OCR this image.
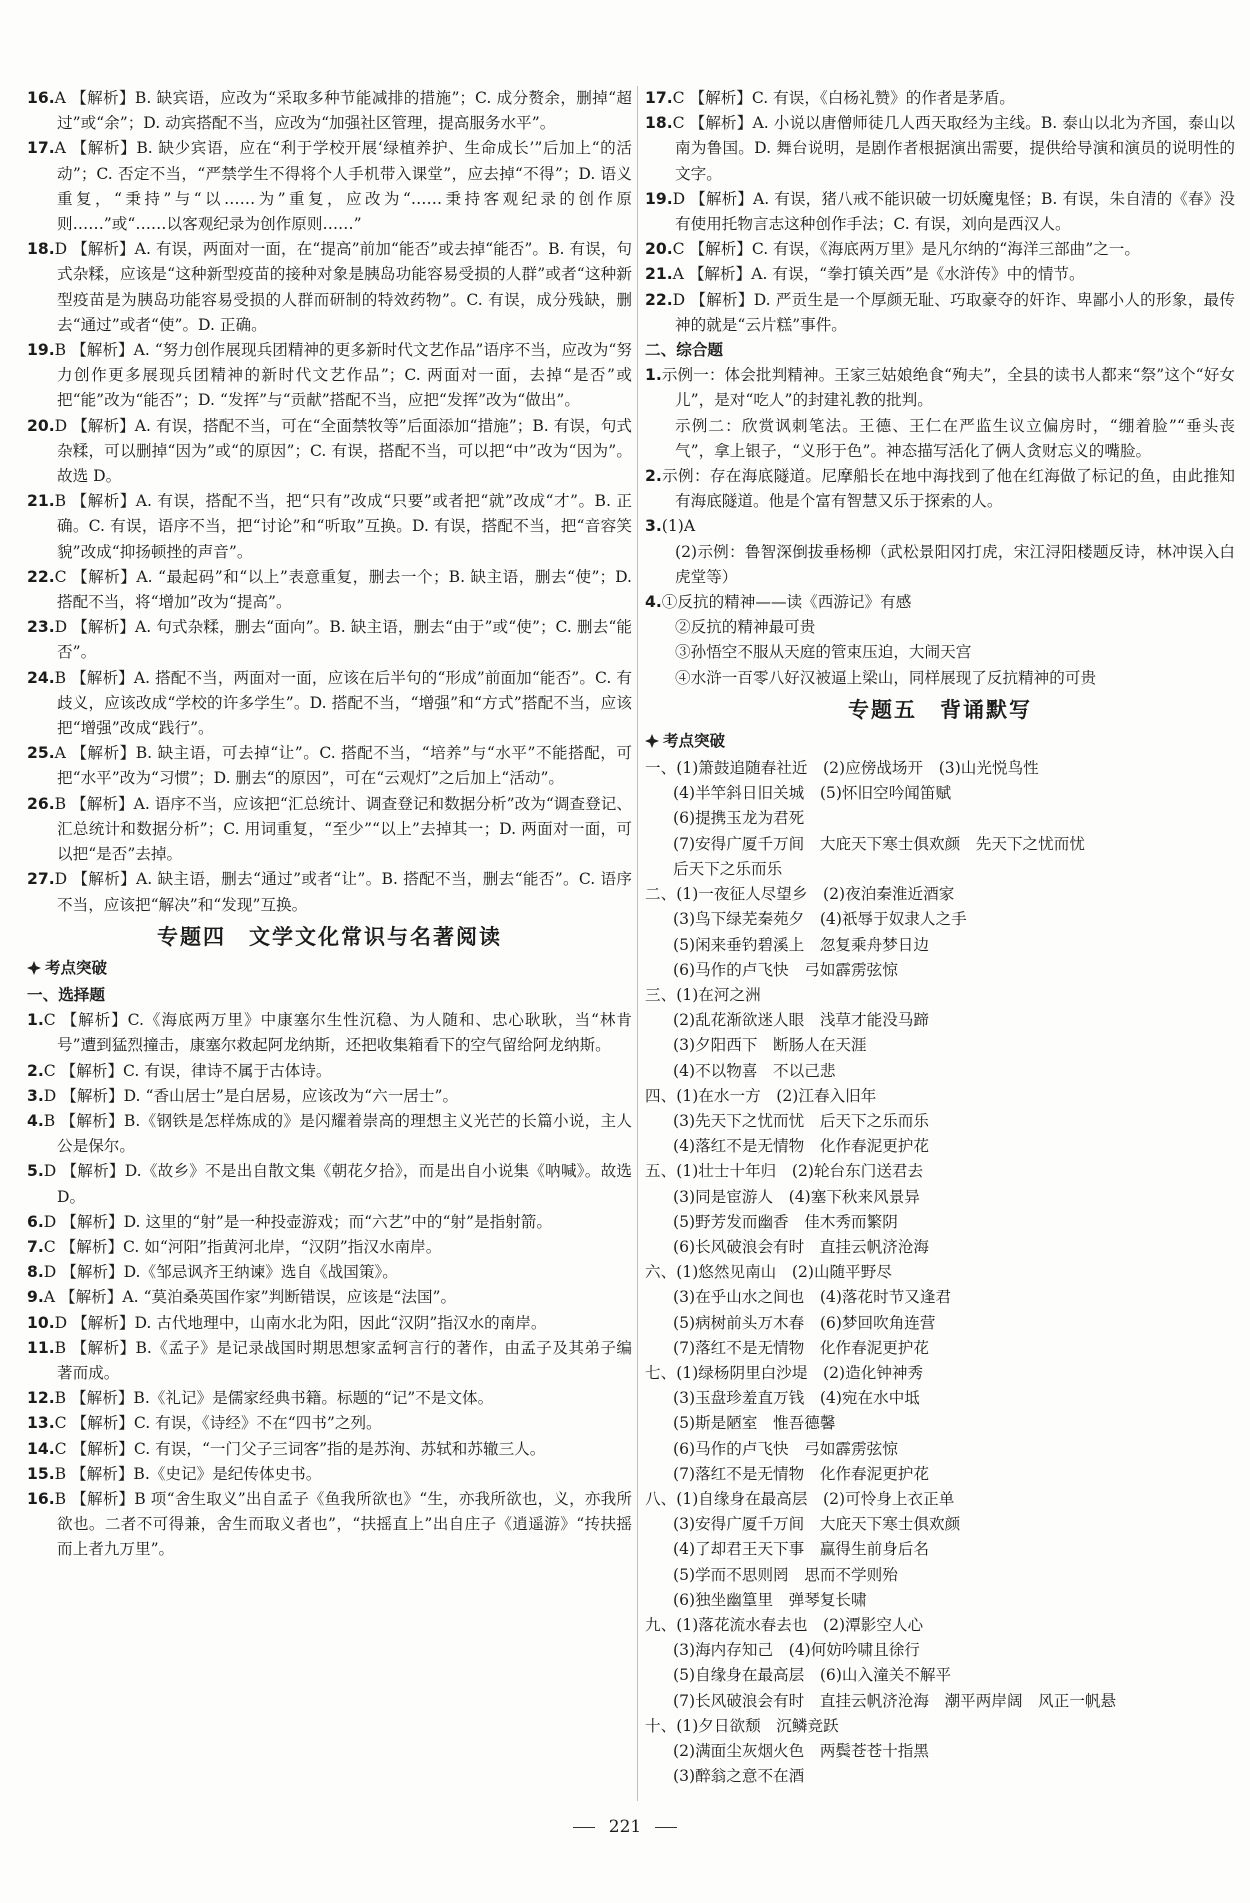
16.A 【解析】B. 缺宾语，应改为“采取多种节能减排的措施”；C. 成分赘余，删掉“超过”或“余”；D. 动宾搭配不当，应改为“加强社区管理，提高服务水平”。

17.A 【解析】B. 缺少宾语，应在“利于学校开展‘绿植养护、生命成长’”后加上“的活动”；C. 否定不当，“严禁学生不得将个人手机带入课堂”，应去掉“不得”；D. 语义重复，“秉持”与“以……为”重复，应改为“……秉持客观纪录的创作原则……”或“……以客观纪录为创作原则……”

18.D 【解析】A. 有误，两面对一面，在“提高”前加“能否”或去掉“能否”。B. 有误，句式杂糅，应该是“这种新型疫苗的接种对象是胰岛功能容易受损的人群”或者“这种新型疫苗是为胰岛功能容易受损的人群而研制的特效药物”。C. 有误，成分残缺，删去“通过”或者“使”。D. 正确。

19.B 【解析】A. “努力创作展现兵团精神的更多新时代文艺作品”语序不当，应改为“努力创作更多展现兵团精神的新时代文艺作品”；C. 两面对一面，去掉“是否”或把“能”改为“能否”；D. “发挥”与“贡献”搭配不当，应把“发挥”改为“做出”。

20.D 【解析】A. 有误，搭配不当，可在“全面禁牧等”后面添加“措施”；B. 有误，句式杂糅，可以删掉“因为”或“的原因”；C. 有误，搭配不当，可以把“中”改为“因为”。故选 D。

21.B 【解析】A. 有误，搭配不当，把“只有”改成“只要”或者把“就”改成“才”。B. 正确。C. 有误，语序不当，把“讨论”和“听取”互换。D. 有误，搭配不当，把“音容笑貌”改成“抑扬顿挫的声音”。

22.C 【解析】A. “最起码”和“以上”表意重复，删去一个；B. 缺主语，删去“使”；D. 搭配不当，将“增加”改为“提高”。

23.D 【解析】A. 句式杂糅，删去“面向”。B. 缺主语，删去“由于”或“使”；C. 删去“能否”。

24.B 【解析】A. 搭配不当，两面对一面，应该在后半句的“形成”前面加“能否”。C. 有歧义，应该改成“学校的许多学生”。D. 搭配不当，“增强”和“方式”搭配不当，应该把“增强”改成“践行”。

25.A 【解析】B. 缺主语，可去掉“让”。C. 搭配不当，“培养”与“水平”不能搭配，可把“水平”改为“习惯”；D. 删去“的原因”，可在“云观灯”之后加上“活动”。

26.B 【解析】A. 语序不当，应该把“汇总统计、调查登记和数据分析”改为“调查登记、汇总统计和数据分析”；C. 用词重复，“至少”“以上”去掉其一；D. 两面对一面，可以把“是否”去掉。

27.D 【解析】A. 缺主语，删去“通过”或者“让”。B. 搭配不当，删去“能否”。C. 语序不当，应该把“解决”和“发现”互换。

专题四　文学文化常识与名著阅读
考点突破
一、选择题

1.C 【解析】C.《海底两万里》中康塞尔生性沉稳、为人随和、忠心耿耿，当“林肯号”遭到猛烈撞击，康塞尔救起阿龙纳斯，还把收集箱看下的空气留给阿龙纳斯。

2.C 【解析】C. 有误，律诗不属于古体诗。

3.D 【解析】D. “香山居士”是白居易，应该改为“六一居士”。

4.B 【解析】B.《钢铁是怎样炼成的》是闪耀着崇高的理想主义光芒的长篇小说，主人公是保尔。

5.D 【解析】D.《故乡》不是出自散文集《朝花夕拾》，而是出自小说集《呐喊》。故选 D。

6.D 【解析】D. 这里的“射”是一种投壶游戏；而“六艺”中的“射”是指射箭。

7.C 【解析】C. 如“河阳”指黄河北岸，“汉阴”指汉水南岸。

8.D 【解析】D.《邹忌讽齐王纳谏》选自《战国策》。

9.A 【解析】A. “莫泊桑英国作家”判断错误，应该是“法国”。

10.D 【解析】D. 古代地理中，山南水北为阳，因此“汉阴”指汉水的南岸。

11.B 【解析】B.《孟子》是记录战国时期思想家孟轲言行的著作，由孟子及其弟子编著而成。

12.B 【解析】B.《礼记》是儒家经典书籍。标题的“记”不是文体。

13.C 【解析】C. 有误，《诗经》不在“四书”之列。

14.C 【解析】C. 有误，“一门父子三词客”指的是苏洵、苏轼和苏辙三人。

15.B 【解析】B.《史记》是纪传体史书。

16.B 【解析】B 项“舍生取义”出自孟子《鱼我所欲也》“生，亦我所欲也，义，亦我所欲也。二者不可得兼，舍生而取义者也”，“扶摇直上”出自庄子《逍遥游》“抟扶摇而上者九万里”。

17.C 【解析】C. 有误，《白杨礼赞》的作者是茅盾。

18.C 【解析】A. 小说以唐僧师徒几人西天取经为主线。B. 泰山以北为齐国，泰山以南为鲁国。D. 舞台说明，是剧作者根据演出需要，提供给导演和演员的说明性的文字。

19.D 【解析】A. 有误，猪八戒不能识破一切妖魔鬼怪；B. 有误，朱自清的《春》没有使用托物言志这种创作手法；C. 有误，刘向是西汉人。

20.C 【解析】C. 有误，《海底两万里》是凡尔纳的“海洋三部曲”之一。

21.A 【解析】A. 有误，“拳打镇关西”是《水浒传》中的情节。

22.D 【解析】D. 严贡生是一个厚颜无耻、巧取豪夺的奸诈、卑鄙小人的形象，最传神的就是“云片糕”事件。

二、综合题

1.示例一：体会批判精神。王家三姑娘绝食“殉夫”，全县的读书人都来“祭”这个“好女儿”，是对“吃人”的封建礼教的批判。

示例二：欣赏讽刺笔法。王德、王仁在严监生议立偏房时，“绷着脸”“垂头丧气”，拿上银子，“义形于色”。神态描写活化了俩人贪财忘义的嘴脸。

2.示例：存在海底隧道。尼摩船长在地中海找到了他在红海做了标记的鱼，由此推知有海底隧道。他是个富有智慧又乐于探索的人。

3.(1)A

(2)示例：鲁智深倒拔垂杨柳（武松景阳冈打虎，宋江浔阳楼题反诗，林冲误入白虎堂等）

4.①反抗的精神——读《西游记》有感

②反抗的精神最可贵

③孙悟空不服从天庭的管束压迫，大闹天宫

④水浒一百零八好汉被逼上梁山，同样展现了反抗精神的可贵

专题五　背诵默写
考点突破

一、(1)箫鼓追随春社近　(2)应傍战场开　(3)山光悦鸟性

(4)半竿斜日旧关城　(5)怀旧空吟闻笛赋

(6)提携玉龙为君死

(7)安得广厦千万间　大庇天下寒士俱欢颜　先天下之忧而忧

后天下之乐而乐

二、(1)一夜征人尽望乡　(2)夜泊秦淮近酒家

(3)鸟下绿芜秦苑夕　(4)祇辱于奴隶人之手

(5)闲来垂钓碧溪上　忽复乘舟梦日边

(6)马作的卢飞快　弓如霹雳弦惊

三、(1)在河之洲

(2)乱花渐欲迷人眼　浅草才能没马蹄

(3)夕阳西下　断肠人在天涯

(4)不以物喜　不以己悲

四、(1)在水一方　(2)江春入旧年

(3)先天下之忧而忧　后天下之乐而乐

(4)落红不是无情物　化作春泥更护花

五、(1)壮士十年归　(2)轮台东门送君去

(3)同是宦游人　(4)塞下秋来风景异

(5)野芳发而幽香　佳木秀而繁阴

(6)长风破浪会有时　直挂云帆济沧海

六、(1)悠然见南山　(2)山随平野尽

(3)在乎山水之间也　(4)落花时节又逢君

(5)病树前头万木春　(6)梦回吹角连营

(7)落红不是无情物　化作春泥更护花

七、(1)绿杨阴里白沙堤　(2)造化钟神秀

(3)玉盘珍羞直万钱　(4)宛在水中坻

(5)斯是陋室　惟吾德馨

(6)马作的卢飞快　弓如霹雳弦惊

(7)落红不是无情物　化作春泥更护花

八、(1)自缘身在最高层　(2)可怜身上衣正单

(3)安得广厦千万间　大庇天下寒士俱欢颜

(4)了却君王天下事　赢得生前身后名

(5)学而不思则罔　思而不学则殆

(6)独坐幽篁里　弹琴复长啸

九、(1)落花流水春去也　(2)潭影空人心

(3)海内存知己　(4)何妨吟啸且徐行

(5)自缘身在最高层　(6)山入潼关不解平

(7)长风破浪会有时　直挂云帆济沧海　潮平两岸阔　风正一帆悬

十、(1)夕日欲颓　沉鳞竞跃

(2)满面尘灰烟火色　两鬓苍苍十指黑

(3)醉翁之意不在酒

221
